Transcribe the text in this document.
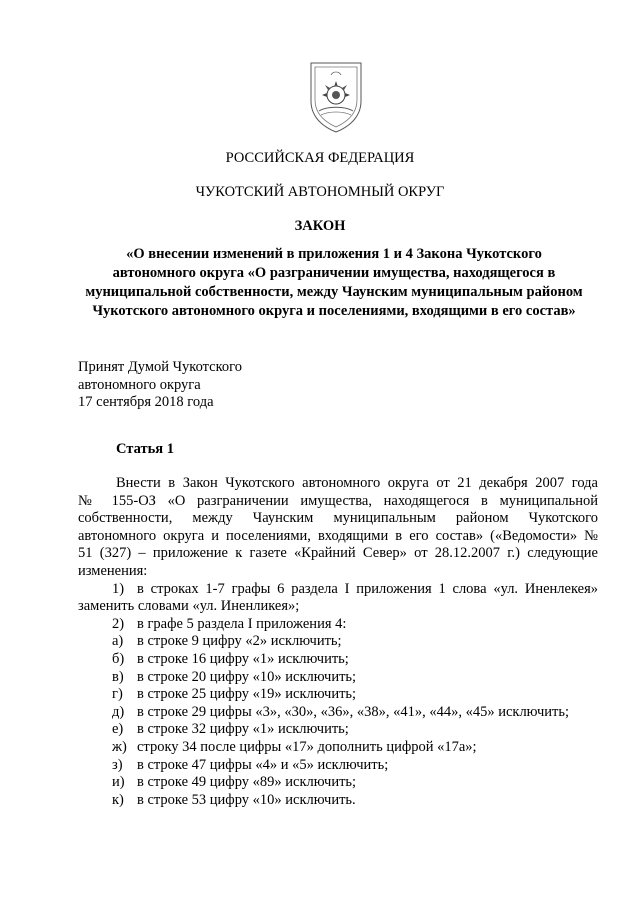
РОССИЙСКАЯ ФЕДЕРАЦИЯ
ЧУКОТСКИЙ АВТОНОМНЫЙ ОКРУГ
ЗАКОН
«О внесении изменений в приложения 1 и 4 Закона Чукотского
автономного округа «О разграничении имущества, находящегося в
муниципальной собственности, между Чаунским муниципальным районом
Чукотского автономного округа и поселениями, входящими в его состав»
Принят Думой Чукотского
автономного округа
17 сентября 2018 года
Статья 1
Внести в Закон Чукотского автономного округа от 21 декабря 2007 года
№ 155-ОЗ «О разграничении имущества, находящегося в муниципальной
собственности, между Чаунским муниципальным районом Чукотского
автономного округа и поселениями, входящими в его состав» («Ведомости» №
51 (327) – приложение к газете «Крайний Север» от 28.12.2007 г.) следующие
изменения:
1) в строках 1-7 графы 6 раздела I приложения 1 слова «ул. Иненлекея»
заменить словами «ул. Иненликея»;
2) в графе 5 раздела I приложения 4:
а) в строке 9 цифру «2» исключить;
б) в строке 16 цифру «1» исключить;
в) в строке 20 цифру «10» исключить;
г) в строке 25 цифру «19» исключить;
д) в строке 29 цифры «3», «30», «36», «38», «41», «44», «45» исключить;
е) в строке 32 цифру «1» исключить;
ж) строку 34 после цифры «17» дополнить цифрой «17а»;
з) в строке 47 цифры «4» и «5» исключить;
и) в строке 49 цифру «89» исключить;
к) в строке 53 цифру «10» исключить.
